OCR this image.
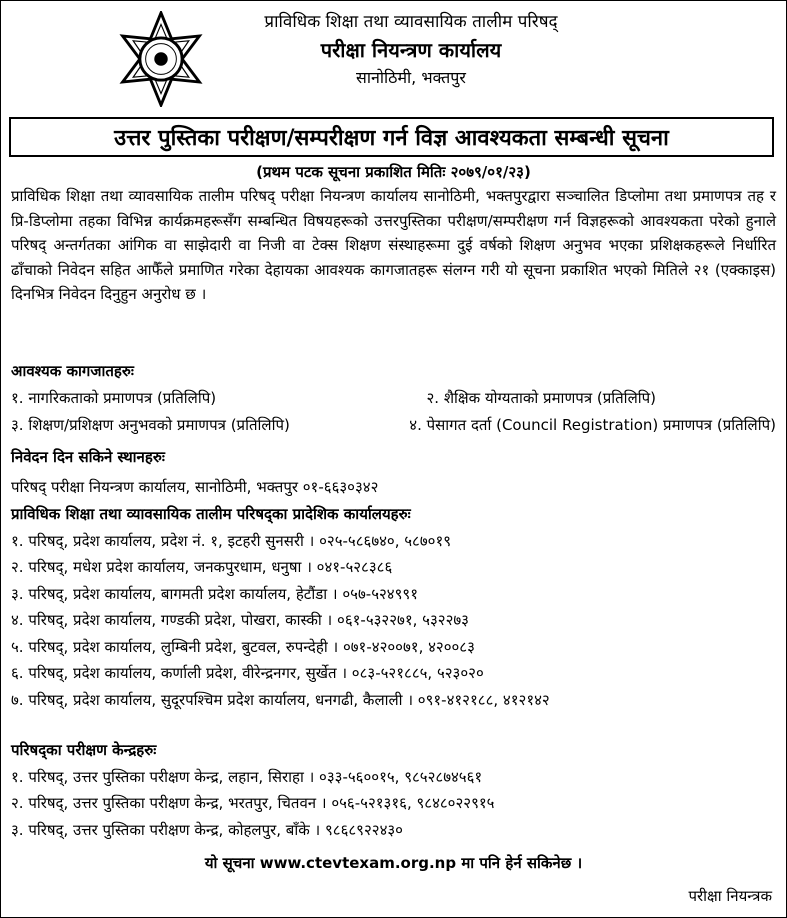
प्राविधिक शिक्षा तथा व्यावसायिक तालीम परिषद्
परीक्षा नियन्त्रण कार्यालय
सानोठिमी, भक्तपुर
उत्तर पुस्तिका परीक्षण/सम्परीक्षण गर्न विज्ञ आवश्यकता सम्बन्धी सूचना
(प्रथम पटक सूचना प्रकाशित मितिः २०७९/०१/२३)
प्राविधिक शिक्षा तथा व्यावसायिक तालीम परिषद् परीक्षा नियन्त्रण कार्यालय सानोठिमी, भक्तपुरद्वारा सञ्चालित डिप्लोमा तथा प्रमाणपत्र तह र प्रि-डिप्लोमा तहका विभिन्न कार्यक्रमहरूसँग सम्बन्धित विषयहरूको उत्तरपुस्तिका परीक्षण/सम्परीक्षण गर्न विज्ञहरूको आवश्यकता परेको हुनाले परिषद् अन्तर्गतका आंगिक वा साझेदारी वा निजी वा टेक्स शिक्षण संस्थाहरूमा दुई वर्षको शिक्षण अनुभव भएका प्रशिक्षकहरूले निर्धारित ढाँचाको निवेदन सहित आफैँले प्रमाणित गरेका देहायका आवश्यक कागजातहरू संलग्न गरी यो सूचना प्रकाशित भएको मितिले २१ (एक्काइस) दिनभित्र निवेदन दिनुहुन अनुरोध छ ।
आवश्यक कागजातहरुः
१. नागरिकताको प्रमाणपत्र (प्रतिलिपि)	२. शैक्षिक योग्यताको प्रमाणपत्र (प्रतिलिपि)
३. शिक्षण/प्रशिक्षण अनुभवको प्रमाणपत्र (प्रतिलिपि)	४. पेसागत दर्ता (Council Registration) प्रमाणपत्र (प्रतिलिपि)
निवेदन दिन सकिने स्थानहरुः
परिषद् परीक्षा नियन्त्रण कार्यालय, सानोठिमी, भक्तपुर ०१-६६३०३४२
प्राविधिक शिक्षा तथा व्यावसायिक तालीम परिषद्का प्रादेशिक कार्यालयहरुः
१. परिषद्, प्रदेश कार्यालय, प्रदेश नं. १, इटहरी सुनसरी । ०२५-५८६७४०, ५८७०१९
२. परिषद्, मधेश प्रदेश कार्यालय, जनकपुरधाम, धनुषा । ०४१-५२८३८६
३. परिषद्, प्रदेश कार्यालय, बागमती प्रदेश कार्यालय, हेटौंडा । ०५७-५२४९९१
४. परिषद्, प्रदेश कार्यालय, गण्डकी प्रदेश, पोखरा, कास्की । ०६१-५३२२७१, ५३२२७३
५. परिषद्, प्रदेश कार्यालय, लुम्बिनी प्रदेश, बुटवल, रुपन्देही । ०७१-४२००७१, ४२००८३
६. परिषद्, प्रदेश कार्यालय, कर्णाली प्रदेश, वीरेन्द्रनगर, सुर्खेत । ०८३-५२१८८५, ५२३०२०
७. परिषद्, प्रदेश कार्यालय, सुदूरपश्चिम प्रदेश कार्यालय, धनगढी, कैलाली । ०९१-४१२१८८, ४१२१४२
परिषद्का परीक्षण केन्द्रहरुः
१. परिषद्, उत्तर पुस्तिका परीक्षण केन्द्र, लहान, सिराहा । ०३३-५६००१५, ९८५२८७४५६१
२. परिषद्, उत्तर पुस्तिका परीक्षण केन्द्र, भरतपुर, चितवन । ०५६-५२१३१६, ९८४८०२२९१५
३. परिषद्, उत्तर पुस्तिका परीक्षण केन्द्र, कोहलपुर, बाँके । ९८६८९२२४३०
यो सूचना www.ctevtexam.org.np मा पनि हेर्न सकिनेछ ।
परीक्षा नियन्त्रक
